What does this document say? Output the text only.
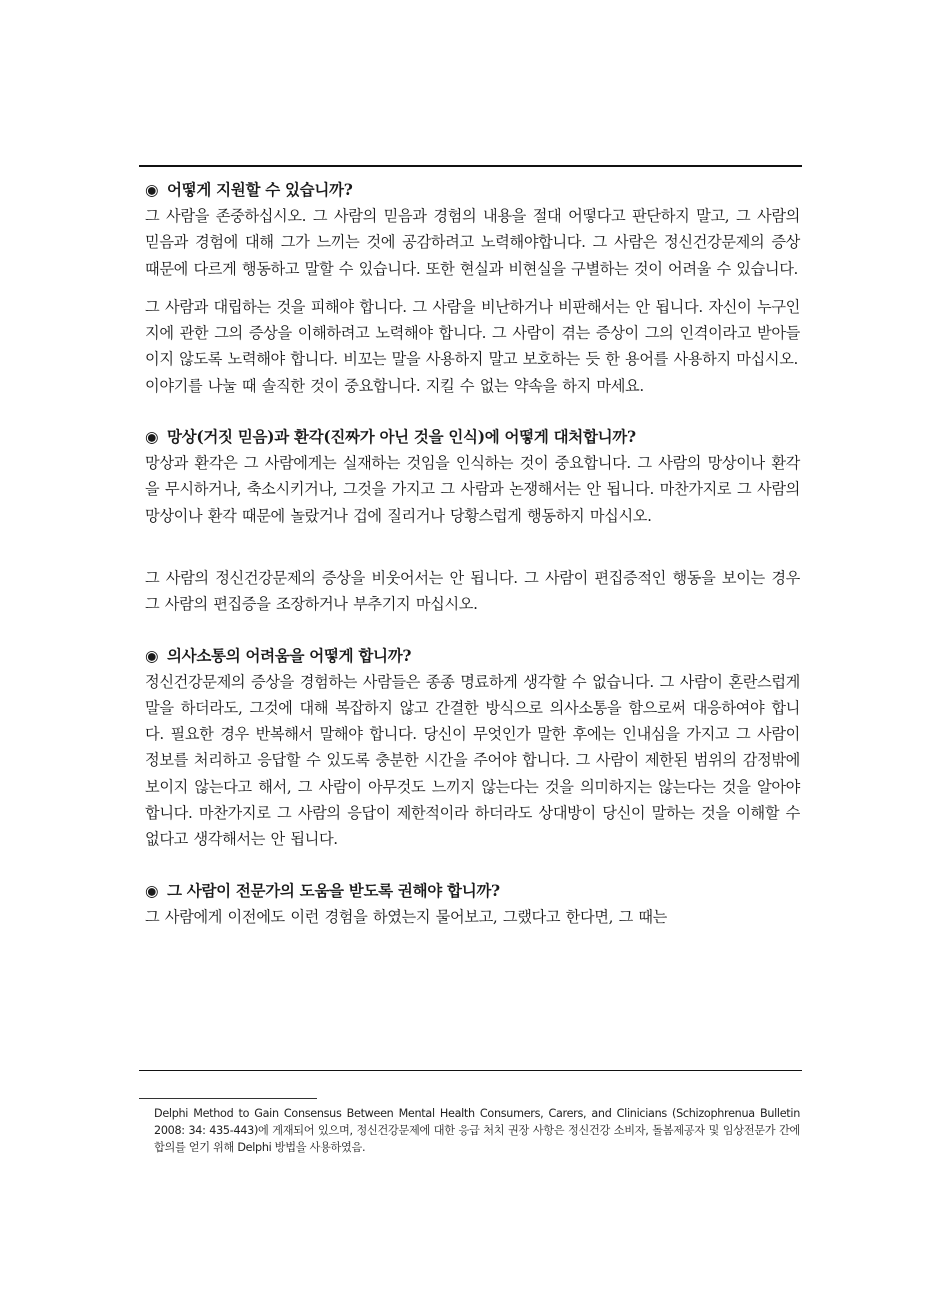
◉ 어떻게 지원할 수 있습니까?

그 사람을 존중하십시오. 그 사람의 믿음과 경험의 내용을 절대 어떻다고 판단하지 말고, 그 사람의 믿음과 경험에 대해 그가 느끼는 것에 공감하려고 노력해야합니다. 그 사람은 정신건강문제의 증상 때문에 다르게 행동하고 말할 수 있습니다. 또한 현실과 비현실을 구별하는 것이 어려울 수 있습니다.

그 사람과 대립하는 것을 피해야 합니다. 그 사람을 비난하거나 비판해서는 안 됩니다. 자신이 누구인지에 관한 그의 증상을 이해하려고 노력해야 합니다. 그 사람이 겪는 증상이 그의 인격이라고 받아들이지 않도록 노력해야 합니다. 비꼬는 말을 사용하지 말고 보호하는 듯 한 용어를 사용하지 마십시오.

이야기를 나눌 때 솔직한 것이 중요합니다. 지킬 수 없는 약속을 하지 마세요.

◉ 망상(거짓 믿음)과 환각(진짜가 아닌 것을 인식)에 어떻게 대처합니까?

망상과 환각은 그 사람에게는 실재하는 것임을 인식하는 것이 중요합니다. 그 사람의 망상이나 환각을 무시하거나, 축소시키거나, 그것을 가지고 그 사람과 논쟁해서는 안 됩니다. 마찬가지로 그 사람의 망상이나 환각 때문에 놀랐거나 겁에 질리거나 당황스럽게 행동하지 마십시오.

그 사람의 정신건강문제의 증상을 비웃어서는 안 됩니다. 그 사람이 편집증적인 행동을 보이는 경우 그 사람의 편집증을 조장하거나 부추기지 마십시오.

◉ 의사소통의 어려움을 어떻게 합니까?

정신건강문제의 증상을 경험하는 사람들은 종종 명료하게 생각할 수 없습니다. 그 사람이 혼란스럽게 말을 하더라도, 그것에 대해 복잡하지 않고 간결한 방식으로 의사소통을 함으로써 대응하여야 합니다. 필요한 경우 반복해서 말해야 합니다. 당신이 무엇인가 말한 후에는 인내심을 가지고 그 사람이 정보를 처리하고 응답할 수 있도록 충분한 시간을 주어야 합니다. 그 사람이 제한된 범위의 감정밖에 보이지 않는다고 해서, 그 사람이 아무것도 느끼지 않는다는 것을 의미하지는 않는다는 것을 알아야 합니다. 마찬가지로 그 사람의 응답이 제한적이라 하더라도 상대방이 당신이 말하는 것을 이해할 수 없다고 생각해서는 안 됩니다.

◉ 그 사람이 전문가의 도움을 받도록 권해야 합니까?

그 사람에게 이전에도 이런 경험을 하였는지 물어보고, 그랬다고 한다면, 그 때는

Delphi Method to Gain Consensus Between Mental Health Consumers, Carers, and Clinicians (Schizophrenua Bulletin 2008: 34: 435-443)에 게재되어 있으며, 정신건강문제에 대한 응급 처치 권장 사항은 정신건강 소비자, 돌봄제공자 및 임상전문가 간에 합의를 얻기 위해 Delphi 방법을 사용하였음.
